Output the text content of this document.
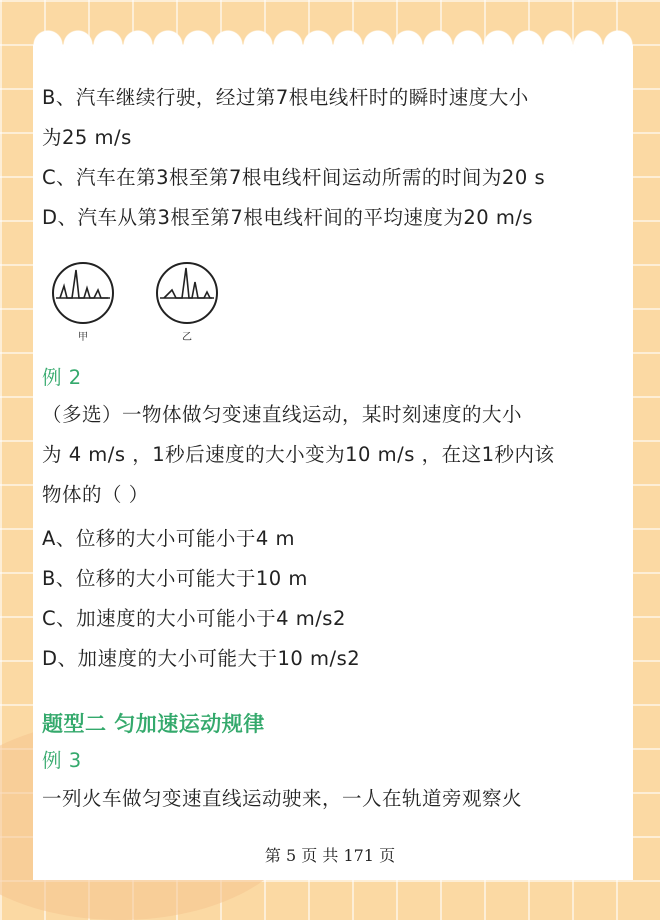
B、汽车继续行驶，经过第7根电线杆时的瞬时速度大小

为25 m/s

C、汽车在第3根至第7根电线杆间运动所需的时间为20 s

D、汽车从第3根至第7根电线杆间的平均速度为20 m/s

甲	乙

例 2

（多选）一物体做匀变速直线运动，某时刻速度的大小

为 4 m/s ，1秒后速度的大小变为10 m/s ，在这1秒内该

物体的（ ）

A、位移的大小可能小于4 m

B、位移的大小可能大于10 m

C、加速度的大小可能小于4 m/s2

D、加速度的大小可能大于10 m/s2

题型二 匀加速运动规律

例 3

一列火车做匀变速直线运动驶来，一人在轨道旁观察火

第 5 页 共 171 页
